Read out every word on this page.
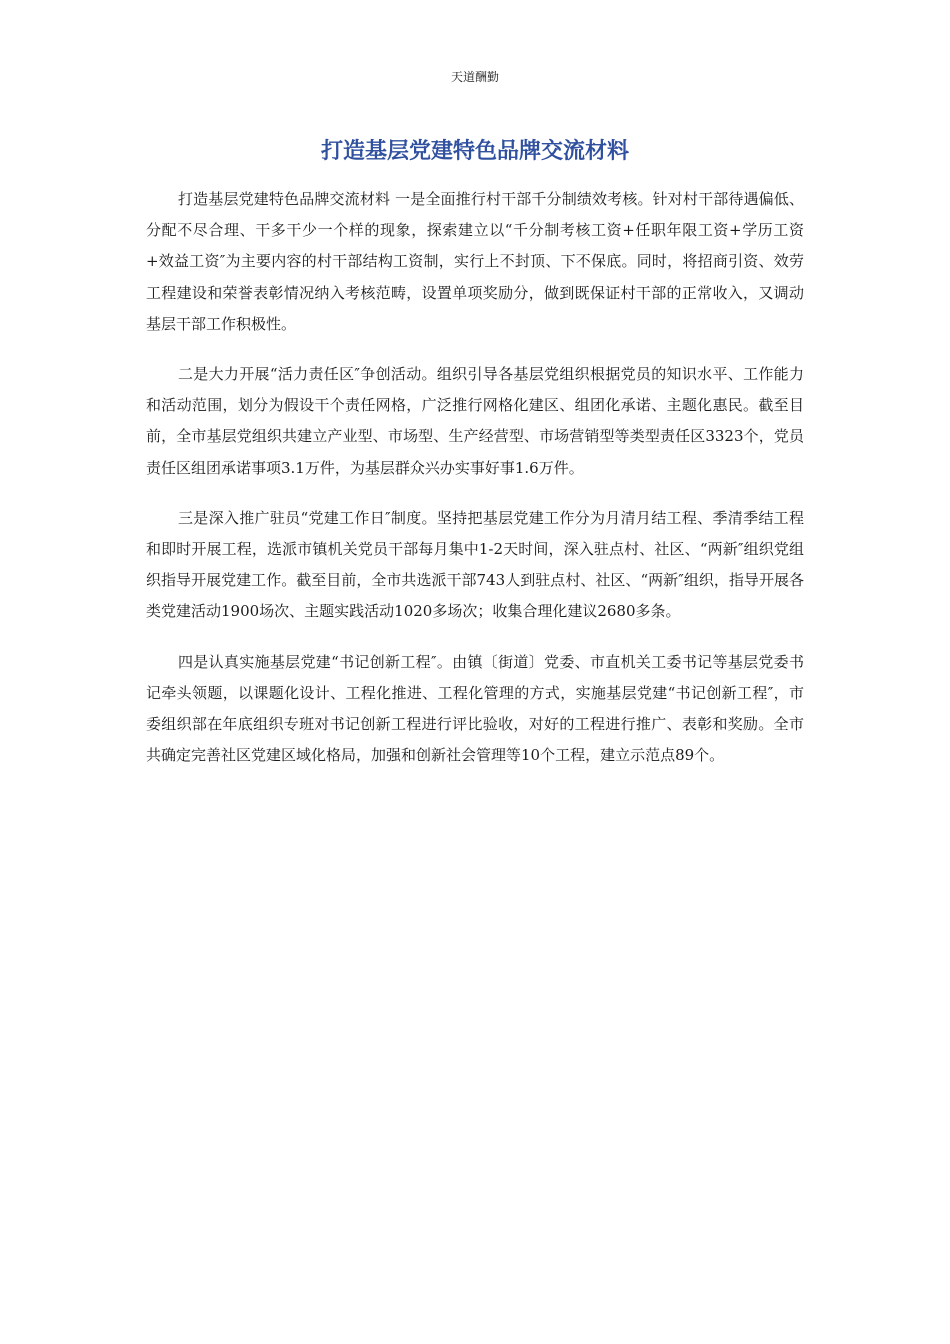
天道酬勤
打造基层党建特色品牌交流材料

打造基层党建特色品牌交流材料 一是全面推行村干部千分制绩效考核。针对村干部待遇偏低、分配不尽合理、干多干少一个样的现象，探索建立以“千分制考核工资+任职年限工资+学历工资+效益工资″为主要内容的村干部结构工资制，实行上不封顶、下不保底。同时，将招商引资、效劳工程建设和荣誉表彰情况纳入考核范畴，设置单项奖励分，做到既保证村干部的正常收入，又调动基层干部工作积极性。

二是大力开展“活力责任区″争创活动。组织引导各基层党组织根据党员的知识水平、工作能力和活动范围，划分为假设干个责任网格，广泛推行网格化建区、组团化承诺、主题化惠民。截至目前，全市基层党组织共建立产业型、市场型、生产经营型、市场营销型等类型责任区3323个，党员责任区组团承诺事项3.1万件，为基层群众兴办实事好事1.6万件。

三是深入推广驻员“党建工作日″制度。坚持把基层党建工作分为月清月结工程、季清季结工程和即时开展工程，选派市镇机关党员干部每月集中1-2天时间，深入驻点村、社区、“两新″组织党组织指导开展党建工作。截至目前，全市共选派干部743人到驻点村、社区、“两新″组织，指导开展各类党建活动1900场次、主题实践活动1020多场次；收集合理化建议2680多条。

四是认真实施基层党建“书记创新工程″。由镇〔街道〕党委、市直机关工委书记等基层党委书记牵头领题，以课题化设计、工程化推进、工程化管理的方式，实施基层党建“书记创新工程″，市委组织部在年底组织专班对书记创新工程进行评比验收，对好的工程进行推广、表彰和奖励。全市共确定完善社区党建区域化格局，加强和创新社会管理等10个工程，建立示范点89个。
